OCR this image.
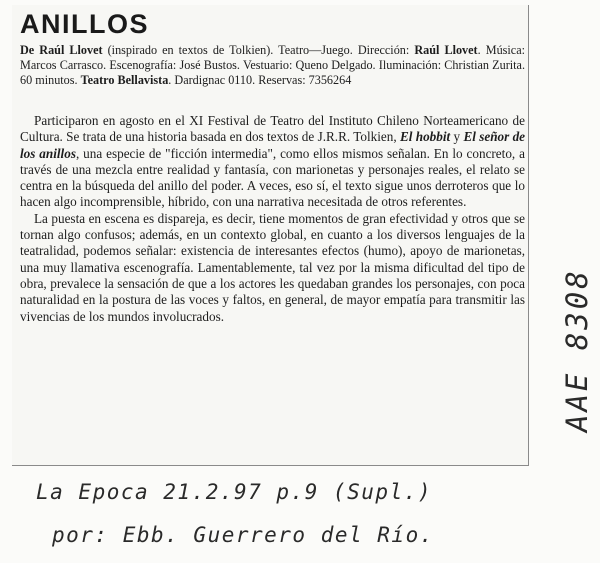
ANILLOS

De Raúl Llovet (inspirado en textos de Tolkien). Teatro—Juego. Dirección: Raúl Llovet. Música: Marcos Carrasco. Escenografía: José Bustos. Vestuario: Queno Delgado. Iluminación: Christian Zurita. 60 minutos. Teatro Bellavista. Dardignac 0110. Reservas: 7356264

Participaron en agosto en el XI Festival de Teatro del Instituto Chileno Norteamericano de Cultura. Se trata de una historia basada en dos textos de J.R.R. Tolkien, El hobbit y El señor de los anillos, una especie de "ficción intermedia", como ellos mismos señalan. En lo concreto, a través de una mezcla entre realidad y fantasía, con marionetas y personajes reales, el relato se centra en la búsqueda del anillo del poder. A veces, eso sí, el texto sigue unos derroteros que lo hacen algo incomprensible, híbrido, con una narrativa necesitada de otros referentes.

La puesta en escena es dispareja, es decir, tiene momentos de gran efectividad y otros que se tornan algo confusos; además, en un contexto global, en cuanto a los diversos lenguajes de la teatralidad, podemos señalar: existencia de interesantes efectos (humo), apoyo de marionetas, una muy llamativa escenografía. Lamentablemente, tal vez por la misma dificultad del tipo de obra, prevalece la sensación de que a los actores les quedaban grandes los personajes, con poca naturalidad en la postura de las voces y faltos, en general, de mayor empatía para transmitir las vivencias de los mundos involucrados.	AAE 8308
La Epoca 21.2.97 p.9 (Supl.)
por: Ebb. Guerrero del Río.
